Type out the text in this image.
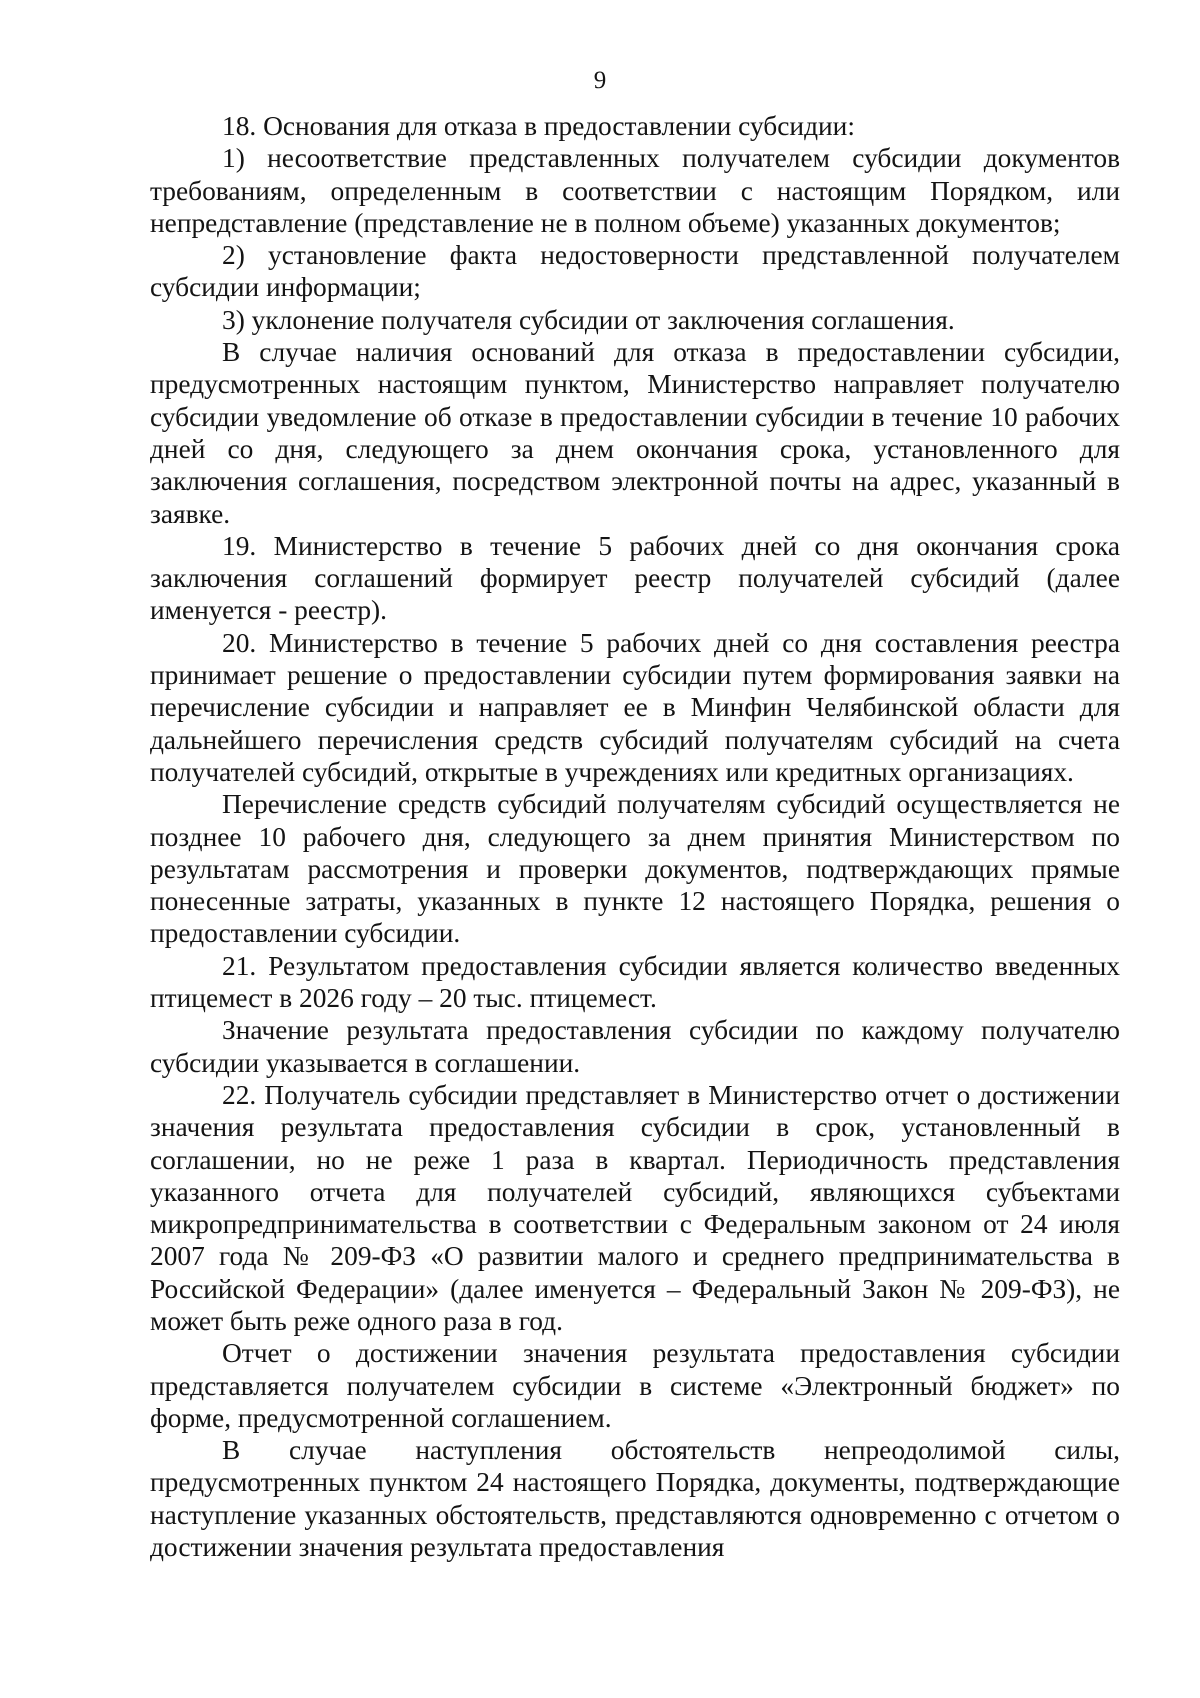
9

18. Основания для отказа в предоставлении субсидии:

1) несоответствие представленных получателем субсидии документов требованиям, определенным в соответствии с настоящим Порядком, или непредставление (представление не в полном объеме) указанных документов;

2) установление факта недостоверности представленной получателем субсидии информации;

3) уклонение получателя субсидии от заключения соглашения.

В случае наличия оснований для отказа в предоставлении субсидии, предусмотренных настоящим пунктом, Министерство направляет получателю субсидии уведомление об отказе в предоставлении субсидии в течение 10 рабочих дней со дня, следующего за днем окончания срока, установленного для заключения соглашения, посредством электронной почты на адрес, указанный в заявке.

19. Министерство в течение 5 рабочих дней со дня окончания срока заключения соглашений формирует реестр получателей субсидий (далее именуется - реестр).

20. Министерство в течение 5 рабочих дней со дня составления реестра принимает решение о предоставлении субсидии путем формирования заявки на перечисление субсидии и направляет ее в Минфин Челябинской области для дальнейшего перечисления средств субсидий получателям субсидий на счета получателей субсидий, открытые в учреждениях или кредитных организациях.

Перечисление средств субсидий получателям субсидий осуществляется не позднее 10 рабочего дня, следующего за днем принятия Министерством по результатам рассмотрения и проверки документов, подтверждающих прямые понесенные затраты, указанных в пункте 12 настоящего Порядка, решения о предоставлении субсидии.

21. Результатом предоставления субсидии является количество введенных птицемест в 2026 году – 20 тыс. птицемест.

Значение результата предоставления субсидии по каждому получателю субсидии указывается в соглашении.

22. Получатель субсидии представляет в Министерство отчет о достижении значения результата предоставления субсидии в срок, установленный в соглашении, но не реже 1 раза в квартал. Периодичность представления указанного отчета для получателей субсидий, являющихся субъектами микропредпринимательства в соответствии с Федеральным законом от 24 июля 2007 года № 209-ФЗ «О развитии малого и среднего предпринимательства в Российской Федерации» (далее именуется – Федеральный Закон № 209-ФЗ), не может быть реже одного раза в год.

Отчет о достижении значения результата предоставления субсидии представляется получателем субсидии в системе «Электронный бюджет» по форме, предусмотренной соглашением.

В случае наступления обстоятельств непреодолимой силы, предусмотренных пунктом 24 настоящего Порядка, документы, подтверждающие наступление указанных обстоятельств, представляются одновременно с отчетом о достижении значения результата предоставления
